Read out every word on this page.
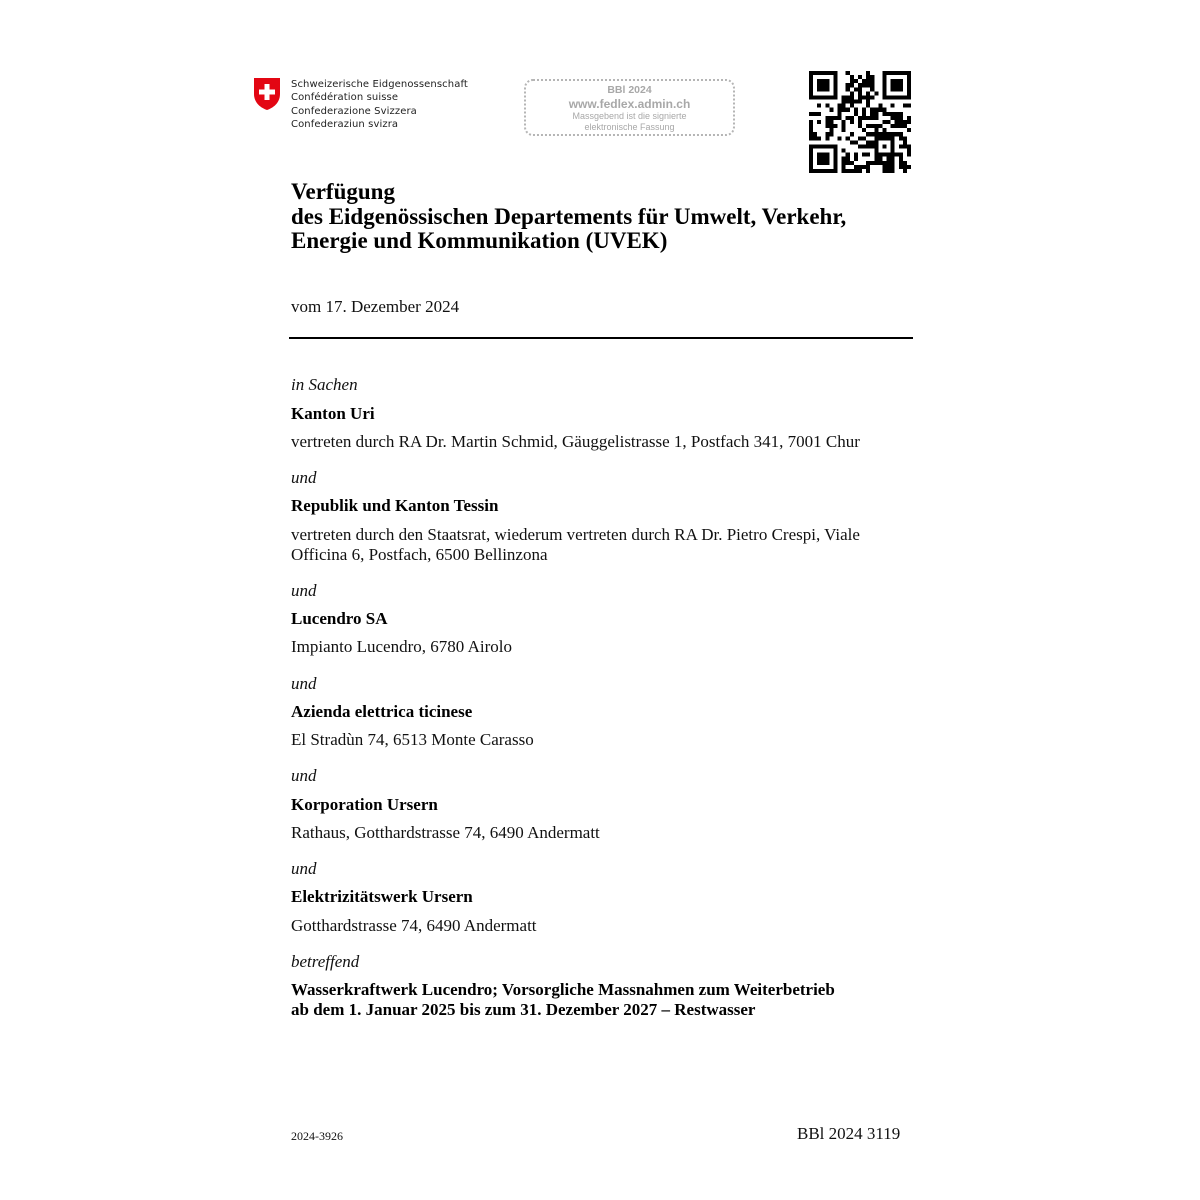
Schweizerische Eidgenossenschaft
Confédération suisse
Confederazione Svizzera
Confederaziun svizra
BBl 2024
www.fedlex.admin.ch
Massgebend ist die signierte
elektronische Fassung
Verfügung
des Eidgenössischen Departements für Umwelt, Verkehr,
Energie und Kommunikation (UVEK)
vom 17. Dezember 2024
in Sachen
Kanton Uri
vertreten durch RA Dr. Martin Schmid, Gäuggelistrasse 1, Postfach 341, 7001 Chur
und
Republik und Kanton Tessin
vertreten durch den Staatsrat, wiederum vertreten durch RA Dr. Pietro Crespi, Viale
Officina 6, Postfach, 6500 Bellinzona
und
Lucendro SA
Impianto Lucendro, 6780 Airolo
und
Azienda elettrica ticinese
El Stradùn 74, 6513 Monte Carasso
und
Korporation Ursern
Rathaus, Gotthardstrasse 74, 6490 Andermatt
und
Elektrizitätswerk Ursern
Gotthardstrasse 74, 6490 Andermatt
betreffend
Wasserkraftwerk Lucendro; Vorsorgliche Massnahmen zum Weiterbetrieb
ab dem 1. Januar 2025 bis zum 31. Dezember 2027 – Restwasser
2024-3926	BBl 2024 3119
